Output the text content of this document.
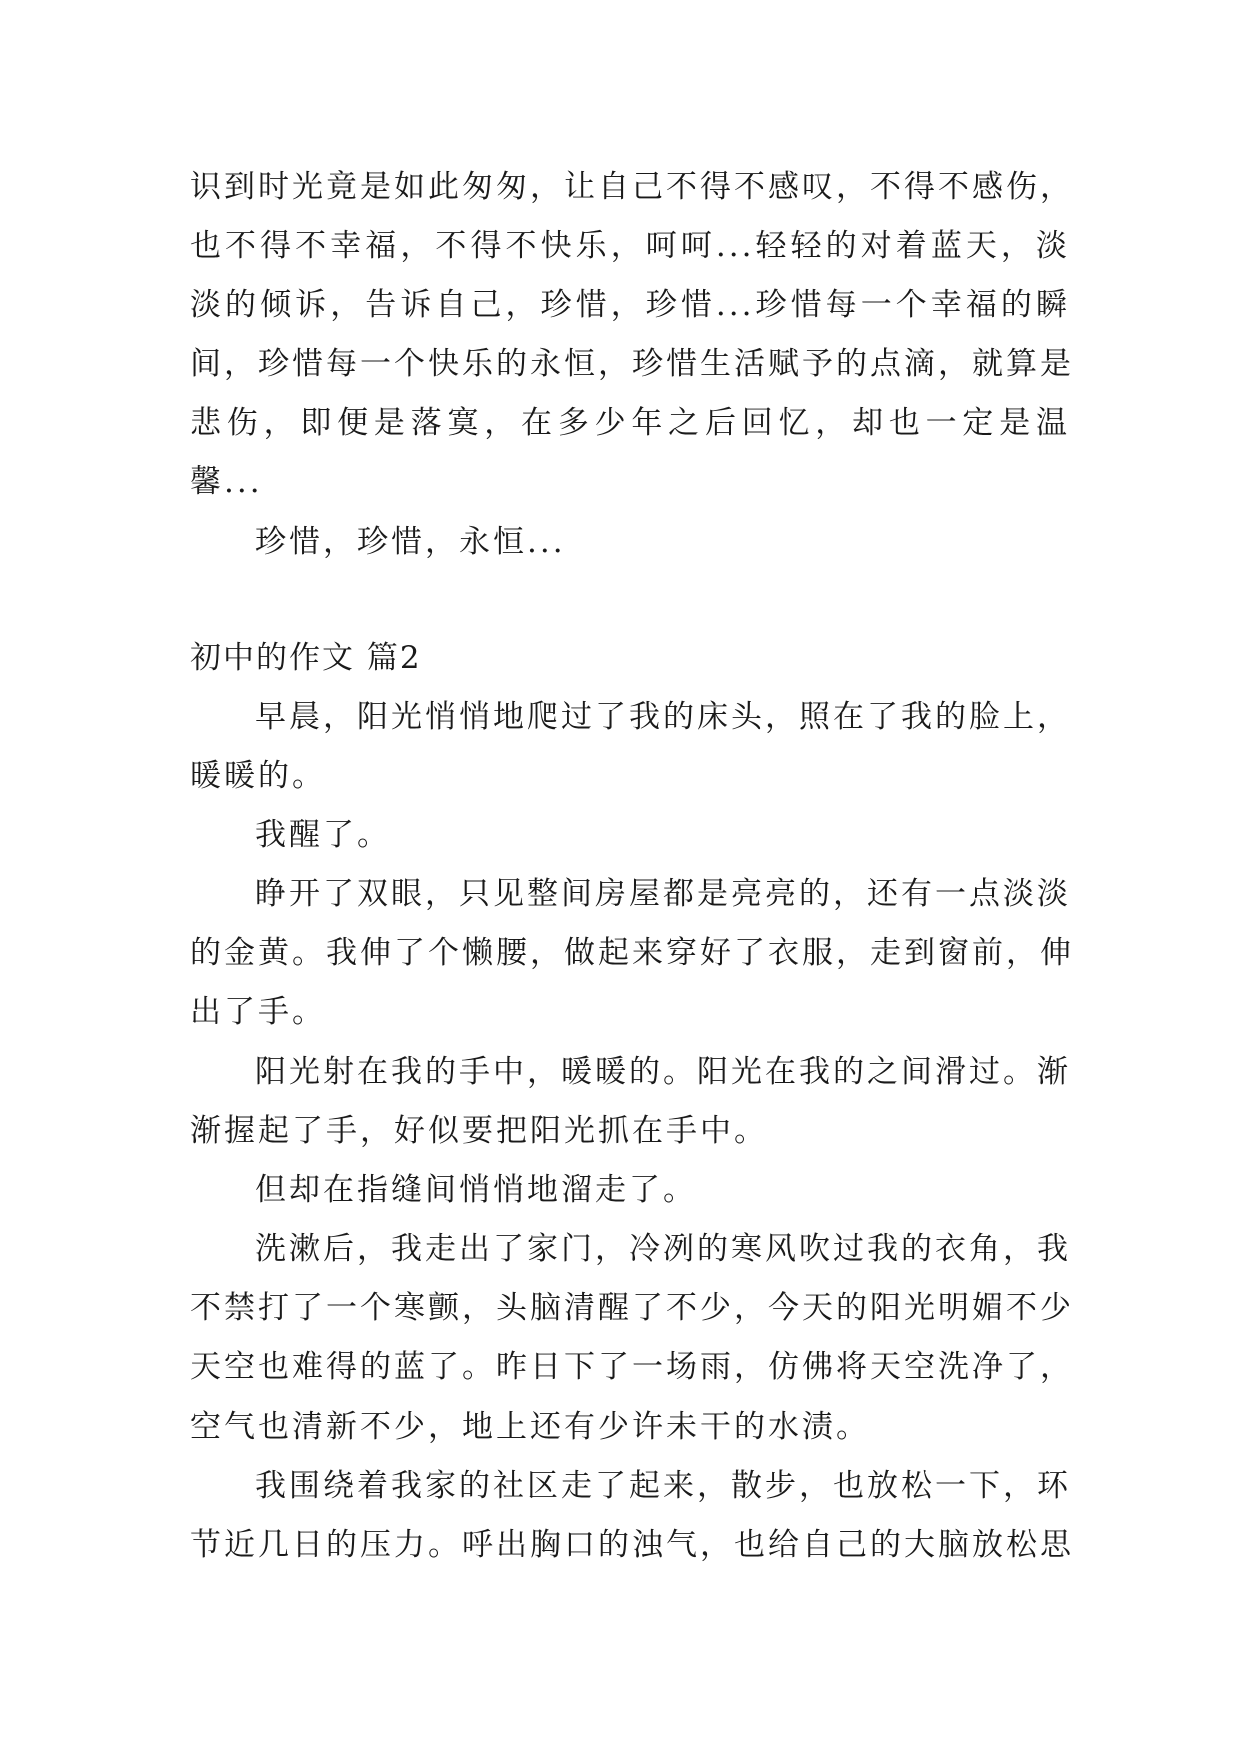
识到时光竟是如此匆匆，让自己不得不感叹，不得不感伤，
也不得不幸福，不得不快乐，呵呵...轻轻的对着蓝天，淡
淡的倾诉，告诉自己，珍惜，珍惜...珍惜每一个幸福的瞬
间，珍惜每一个快乐的永恒，珍惜生活赋予的点滴，就算是
悲伤，即便是落寞，在多少年之后回忆，却也一定是温
馨...
珍惜，珍惜，永恒...
初中的作文 篇2
早晨，阳光悄悄地爬过了我的床头，照在了我的脸上，
暖暖的。
我醒了。
睁开了双眼，只见整间房屋都是亮亮的，还有一点淡淡
的金黄。我伸了个懒腰，做起来穿好了衣服，走到窗前，伸
出了手。
阳光射在我的手中，暖暖的。阳光在我的之间滑过。渐
渐握起了手，好似要把阳光抓在手中。
但却在指缝间悄悄地溜走了。
洗漱后，我走出了家门，冷冽的寒风吹过我的衣角，我
不禁打了一个寒颤，头脑清醒了不少，今天的阳光明媚不少
天空也难得的蓝了。昨日下了一场雨，仿佛将天空洗净了，
空气也清新不少，地上还有少许未干的水渍。
我围绕着我家的社区走了起来，散步，也放松一下，环
节近几日的压力。呼出胸口的浊气，也给自己的大脑放松思
